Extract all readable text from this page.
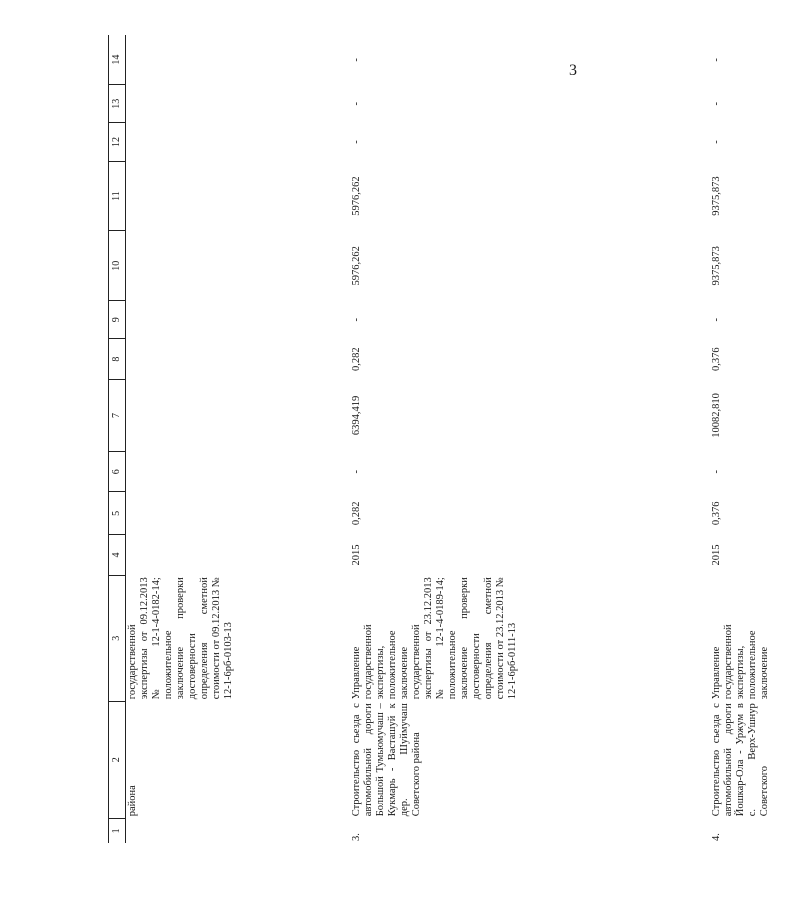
3
1	2	3	4	5	6	7	8	9	10	11	12	13	14
	района	государственной экспертизы от 09.12.2013 № 12-1-4-0182-14; положительное заключение проверки достоверности определения сметной стоимости от 09.12.2013 № 12-1-6рб-0103-13											
3.	Строительство съезда с автомобильной дороги Большой Тумьюмучаш – Кукмарь - Васташуй к дер. Шуймучаш Советского района	Управление государственной экспертизы, положительное заключение государственной экспертизы от 23.12.2013 № 12-1-4-0189-14; положительное заключение проверки достоверности определения сметной стоимости от 23.12.2013 № 12-1-6рб-0111-13	2015	0,282	-	6394,419	0,282	-	5976,262	5976,262	-	-	-
4.	Строительство съезда с автомобильной дороги Йошкар-Ола - Уржум в с. Верх-Ушнур Советского	Управление государственной экспертизы, положительное заключение	2015	0,376	-	10082,810	0,376	-	9375,873	9375,873	-	-	-
